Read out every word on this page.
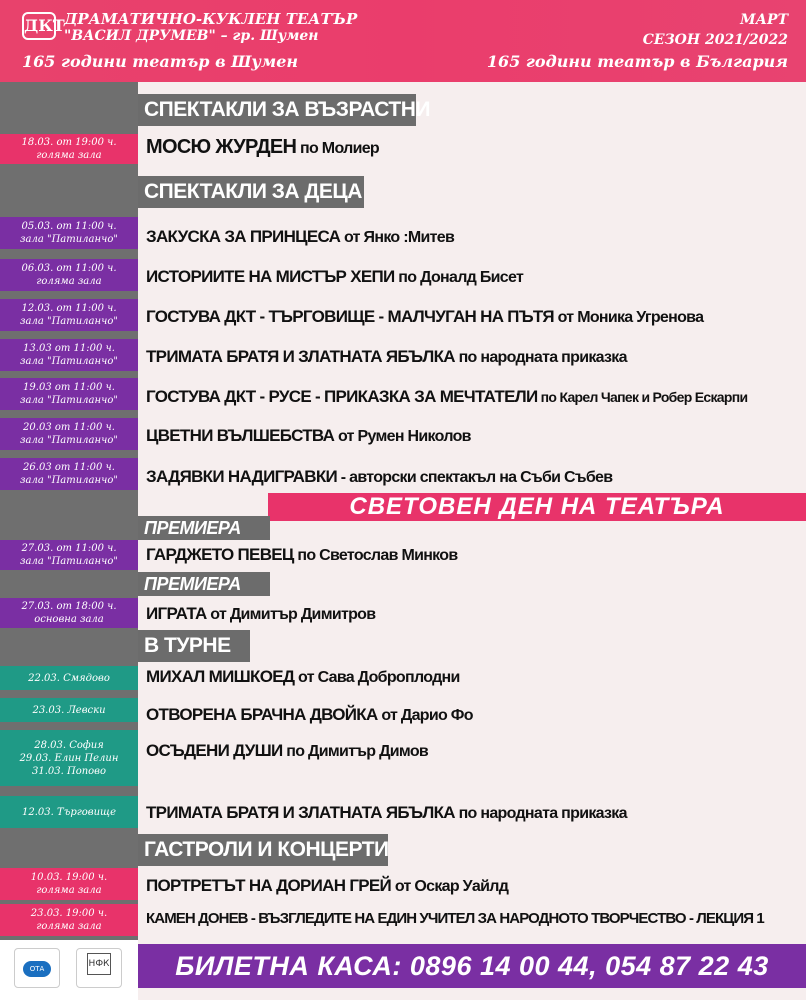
ДКТ ДРАМАТИЧНО-КУКЛЕН ТЕАТЪР
"ВАСИЛ ДРУМЕВ" – гр. Шумен
165 години театър в Шумен
МАРТ
СЕЗОН 2021/2022
165 години театър в България
СПЕКТАКЛИ ЗА ВЪЗРАСТНИ
СПЕКТАКЛИ ЗА ДЕЦА
СВЕТОВЕН ДЕН НА ТЕАТЪРА
ПРЕМИЕРА
ПРЕМИЕРА
В ТУРНЕ
ГАСТРОЛИ И КОНЦЕРТИ
18.03. от 19:00 ч.
голяма зала
05.03. от 11:00 ч.
зала "Патиланчо"
06.03. от 11:00 ч.
голяма зала
12.03. от 11:00 ч.
зала "Патиланчо"
13.03 от 11:00 ч.
зала "Патиланчо"
19.03 от 11:00 ч.
зала "Патиланчо"
20.03 от 11:00 ч.
зала "Патиланчо"
26.03 от 11:00 ч.
зала "Патиланчо"
27.03. от 11:00 ч.
зала "Патиланчо"
27.03. от 18:00 ч.
основна зала
22.03. Смядово
23.03. Левски
28.03. София
29.03. Елин Пелин
31.03. Попово
12.03. Търговище
10.03. 19:00 ч.
голяма зала
23.03. 19:00 ч.
голяма зала
МОСЮ ЖУРДЕН по Молиер
ЗАКУСКА ЗА ПРИНЦЕСА от Янко :Митев
ИСТОРИИТЕ НА МИСТЪР ХЕПИ по Доналд Бисет
ГОСТУВА ДКТ - ТЪРГОВИЩЕ - МАЛЧУГАН НА ПЪТЯ от Моника Угренова
ТРИМАТА БРАТЯ И ЗЛАТНАТА ЯБЪЛКА по народната приказка
ГОСТУВА ДКТ - РУСЕ - ПРИКАЗКА ЗА МЕЧТАТЕЛИ по Карел Чапек и Робер Ескарпи
ЦВЕТНИ ВЪЛШЕБСТВА от Румен Николов
ЗАДЯВКИ НАДИГРАВКИ - авторски спектакъл на Съби Събев
ГАРДЖЕТО ПЕВЕЦ по Светослав Минков
ИГРАТА от Димитър Димитров
МИХАЛ МИШКОЕД от Сава Доброплодни
ОТВОРЕНА БРАЧНА ДВОЙКА от Дарио Фо
ОСЪДЕНИ ДУШИ по Димитър Димов
ТРИМАТА БРАТЯ И ЗЛАТНАТА ЯБЪЛКА по народната приказка
ПОРТРЕТЪТ НА ДОРИАН ГРЕЙ от Оскар Уайлд
КАМЕН ДОНЕВ - ВЪЗГЛЕДИТЕ НА ЕДИН УЧИТЕЛ ЗА НАРОДНОТО ТВОРЧЕСТВО - ЛЕКЦИЯ 1
ОТА	НФК	БИЛЕТНА КАСА: 0896 14 00 44, 054 87 22 43
